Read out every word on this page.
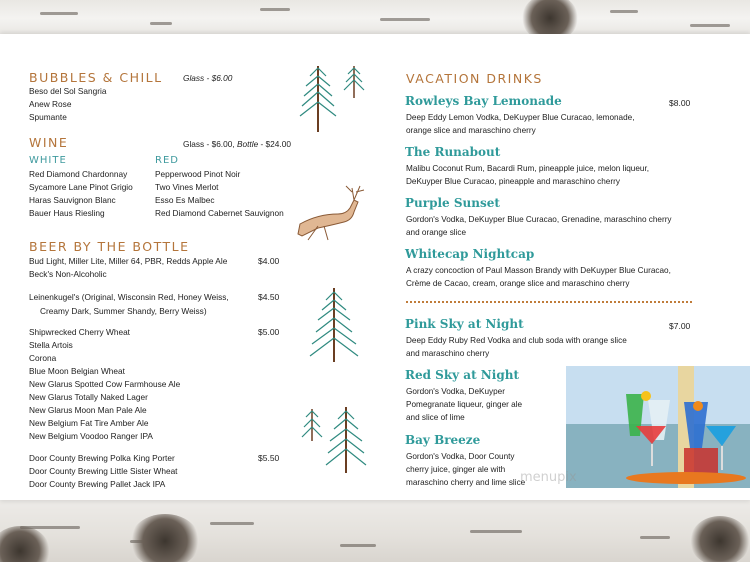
BUBBLES & CHILL Glass - $6.00
Beso del Sol Sangria
Anew Rose
Spumante
WINE	Glass - $6.00, Bottle - $24.00
WHITE	RED
Red Diamond Chardonnay
Sycamore Lane Pinot Grigio
Haras Sauvignon Blanc
Bauer Haus Riesling
Pepperwood Pinot Noir
Two Vines Merlot
Esso Es Malbec
Red Diamond Cabernet Sauvignon
BEER BY THE BOTTLE
$4.00
Bud Light, Miller Lite, Miller 64, PBR, Redds Apple Ale
Beck's Non-Alcoholic
$4.50
Leinenkugel's (Original, Wisconsin Red, Honey Weiss,
Creamy Dark, Summer Shandy, Berry Weiss)
$5.00
Shipwrecked Cherry Wheat
Stella Artois
Corona
Blue Moon Belgian Wheat
New Glarus Spotted Cow Farmhouse Ale
New Glarus Totally Naked Lager
New Glarus Moon Man Pale Ale
New Belgium Fat Tire Amber Ale
New Belgium Voodoo Ranger IPA
$5.50
Door County Brewing Polka King Porter
Door County Brewing Little Sister Wheat
Door County Brewing Pallet Jack IPA
VACATION DRINKS
$8.00
Rowleys Bay Lemonade
Deep Eddy Lemon Vodka, DeKuyper Blue Curacao, lemonade,
orange slice and maraschino cherry
The Runabout
Malibu Coconut Rum, Bacardi Rum, pineapple juice, melon liqueur,
DeKuyper Blue Curacao, pineapple and maraschino cherry
Purple Sunset
Gordon's Vodka, DeKuyper Blue Curacao, Grenadine, maraschino cherry
and orange slice
Whitecap Nightcap
A crazy concoction of Paul Masson Brandy with DeKuyper Blue Curacao,
Crème de Cacao, cream, orange slice and maraschino cherry
$7.00
Pink Sky at Night
Deep Eddy Ruby Red Vodka and club soda with orange slice
and maraschino cherry
Red Sky at Night
Gordon's Vodka, DeKuyper
Pomegranate liqueur, ginger ale
and slice of lime
Bay Breeze
Gordon's Vodka, Door County
cherry juice, ginger ale with
maraschino cherry and lime slice
menupix
